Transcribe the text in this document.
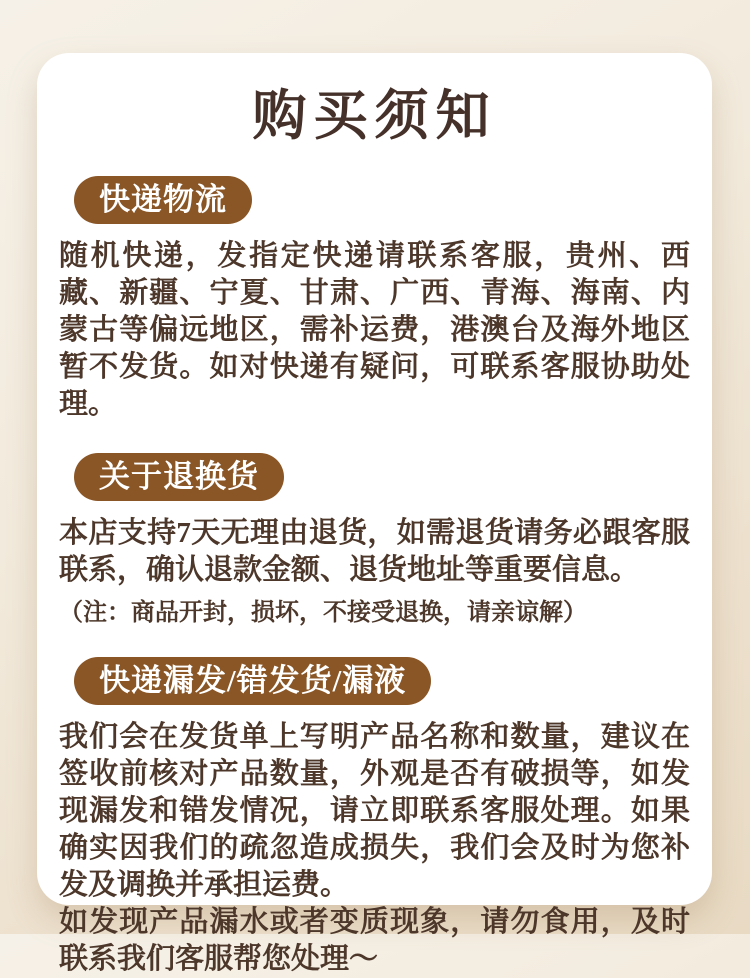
购买须知
快递物流

随机快递，发指定快递请联系客服，贵州、西藏、新疆、宁夏、甘肃、广西、青海、海南、内蒙古等偏远地区，需补运费，港澳台及海外地区暂不发货。如对快递有疑问，可联系客服协助处理。

关于退换货

本店支持7天无理由退货，如需退货请务必跟客服联系，确认退款金额、退货地址等重要信息。

（注：商品开封，损坏，不接受退换，请亲谅解）

快递漏发/错发货/漏液

我们会在发货单上写明产品名称和数量，建议在签收前核对产品数量，外观是否有破损等，如发现漏发和错发情况，请立即联系客服处理。如果确实因我们的疏忽造成损失，我们会及时为您补发及调换并承担运费。

如发现产品漏水或者变质现象，请勿食用，及时联系我们客服帮您处理～
